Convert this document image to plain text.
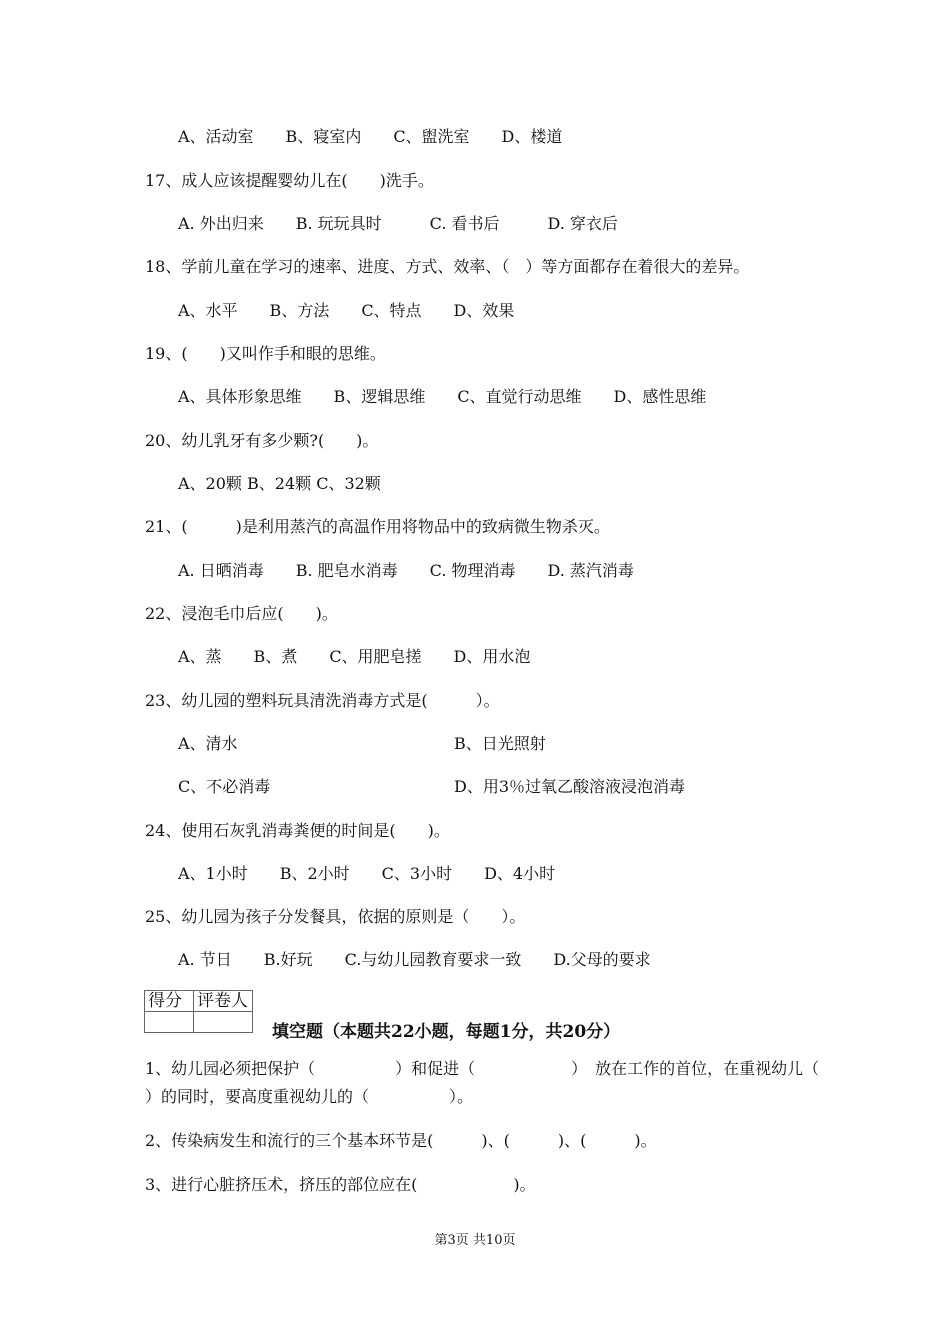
A、活动室　　B、寝室内　　C、盥洗室　　D、楼道
17、成人应该提醒婴幼儿在(　　)洗手。
A. 外出归来　　B. 玩玩具时　　　C. 看书后　　　D. 穿衣后
18、学前儿童在学习的速率、进度、方式、效率、（　）等方面都存在着很大的差异。
A、水平　　B、方法　　C、特点　　D、效果
19、(　　)又叫作手和眼的思维。
A、具体形象思维　　B、逻辑思维　　C、直觉行动思维　　D、感性思维
20、幼儿乳牙有多少颗?(　　)。
A、20颗 B、24颗 C、32颗
21、(　　　)是利用蒸汽的高温作用将物品中的致病微生物杀灭。
A. 日晒消毒　　B. 肥皂水消毒　　C. 物理消毒　　D. 蒸汽消毒
22、浸泡毛巾后应(　　)。
A、蒸　　B、煮　　C、用肥皂搓　　D、用水泡
23、幼儿园的塑料玩具清洗消毒方式是(　　　）。
A、清水	B、日光照射
C、不必消毒	D、用3％过氧乙酸溶液浸泡消毒
24、使用石灰乳消毒粪便的时间是(　　)。
A、1小时　　B、2小时　　C、3小时　　D、4小时
25、幼儿园为孩子分发餐具，依据的原则是（　　）。
A. 节日　　B.好玩　　C.与幼儿园教育要求一致　　D.父母的要求
得分	评卷人

填空题（本题共22小题，每题1分，共20分）
1、幼儿园必须把保护（　　　　　）和促进（　　　　　　）　放在工作的首位，在重视幼儿（
）的同时，要高度重视幼儿的（　　　　　）。
2、传染病发生和流行的三个基本环节是(　　　)、(　　　)、(　　　)。
3、进行心脏挤压术，挤压的部位应在(　　　　　　)。
第3页 共10页
